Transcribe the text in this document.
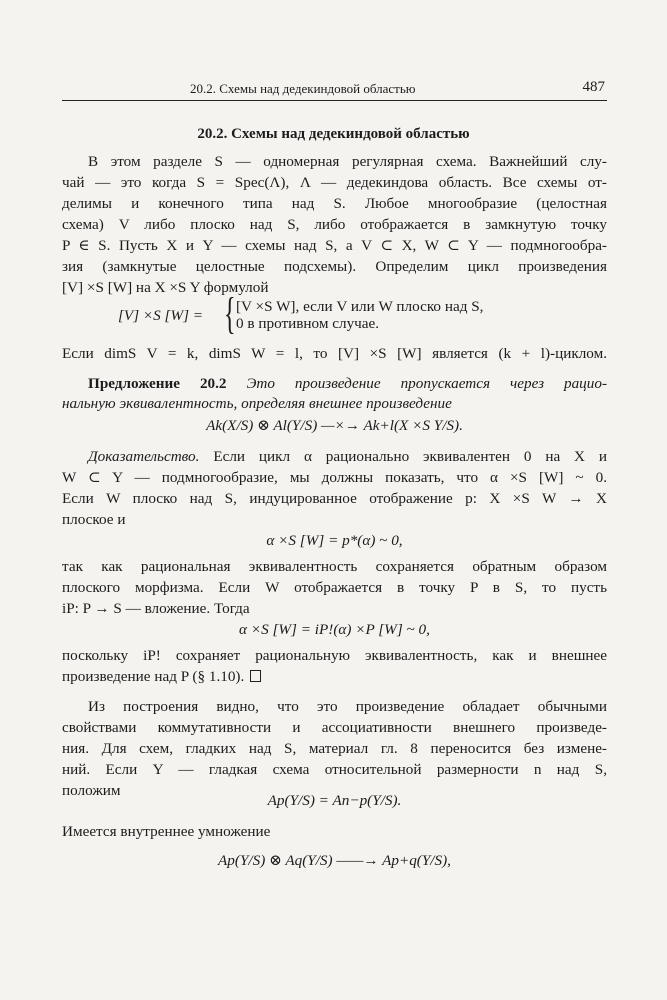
20.2. Схемы над дедекиндовой областью	487
20.2. Схемы над дедекиндовой областью
В этом разделе S — одномерная регулярная схема. Важнейший слу-
чай — это когда S = Spec(Λ), Λ — дедекиндова область. Все схемы от-
делимы и конечного типа над S. Любое многообразие (целостная
схема) V либо плоско над S, либо отображается в замкнутую точку
P ∈ S. Пусть X и Y — схемы над S, а V ⊂ X, W ⊂ Y — подмногообра-
зия (замкнутые целостные подсхемы). Определим цикл произведения
[V] ×S [W] на X ×S Y формулой
[V] ×S [W] = { [V ×S W], если V или W плоско над S,
0 в противном случае.
Если dimS V = k, dimS W = l, то [V] ×S [W] является (k + l)-циклом.
Предложение 20.2 Это произведение пропускается через рацио-
нальную эквивалентность, определяя внешнее произведение
Ak(X/S) ⊗ Al(Y/S) —×→ Ak+l(X ×S Y/S).
Доказательство. Если цикл α рационально эквивалентен 0 на X и
W ⊂ Y — подмногообразие, мы должны показать, что α ×S [W] ~ 0.
Если W плоско над S, индуцированное отображение p: X ×S W → X
плоское и
α ×S [W] = p*(α) ~ 0,
так как рациональная эквивалентность сохраняется обратным образом
плоского морфизма. Если W отображается в точку P в S, то пусть
iP: P → S — вложение. Тогда
α ×S [W] = iP!(α) ×P [W] ~ 0,
поскольку iP! сохраняет рациональную эквивалентность, как и внешнее
произведение над P (§ 1.10).
Из построения видно, что это произведение обладает обычными
свойствами коммутативности и ассоциативности внешнего произведе-
ния. Для схем, гладких над S, материал гл. 8 переносится без измене-
ний. Если Y — гладкая схема относительной размерности n над S,
положим
Ap(Y/S) = An−p(Y/S).
Имеется внутреннее умножение
Ap(Y/S) ⊗ Aq(Y/S) ——→ Ap+q(Y/S),
